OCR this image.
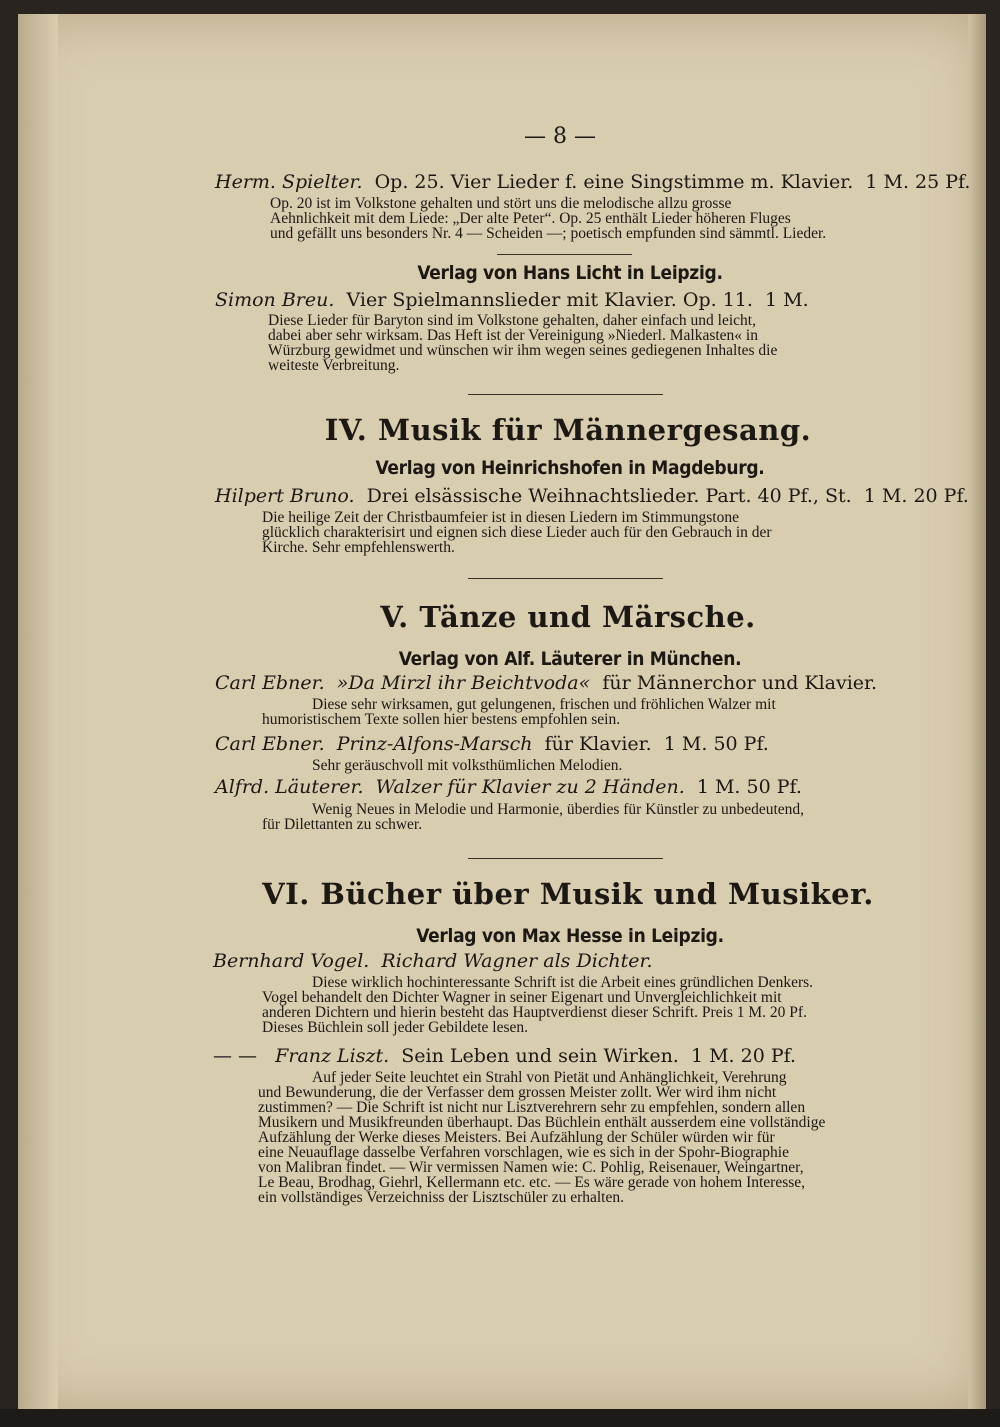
— 8 —
Herm. Spielter. Op. 25. Vier Lieder f. eine Singstimme m. Klavier. 1 M. 25 Pf.
Op. 20 ist im Volkstone gehalten und stört uns die melodische allzu grosse
Aehnlichkeit mit dem Liede: „Der alte Peter“. Op. 25 enthält Lieder höheren Fluges
und gefällt uns besonders Nr. 4 — Scheiden —; poetisch empfunden sind sämmtl. Lieder.
Verlag von Hans Licht in Leipzig.
Simon Breu. Vier Spielmannslieder mit Klavier. Op. 11. 1 M.
Diese Lieder für Baryton sind im Volkstone gehalten, daher einfach und leicht,
dabei aber sehr wirksam. Das Heft ist der Vereinigung »Niederl. Malkasten« in
Würzburg gewidmet und wünschen wir ihm wegen seines gediegenen Inhaltes die
weiteste Verbreitung.
IV. Musik für Männergesang.
Verlag von Heinrichshofen in Magdeburg.
Hilpert Bruno. Drei elsässische Weihnachtslieder. Part. 40 Pf., St. 1 M. 20 Pf.
Die heilige Zeit der Christbaumfeier ist in diesen Liedern im Stimmungstone
glücklich charakterisirt und eignen sich diese Lieder auch für den Gebrauch in der
Kirche. Sehr empfehlenswerth.
V. Tänze und Märsche.
Verlag von Alf. Läuterer in München.
Carl Ebner. »Da Mirzl ihr Beichtvoda« für Männerchor und Klavier.
Diese sehr wirksamen, gut gelungenen, frischen und fröhlichen Walzer mit
humoristischem Texte sollen hier bestens empfohlen sein.
Carl Ebner. Prinz-Alfons-Marsch für Klavier. 1 M. 50 Pf.
Sehr geräuschvoll mit volksthümlichen Melodien.
Alfrd. Läuterer. Walzer für Klavier zu 2 Händen. 1 M. 50 Pf.
Wenig Neues in Melodie und Harmonie, überdies für Künstler zu unbedeutend,
für Dilettanten zu schwer.
VI. Bücher über Musik und Musiker.
Verlag von Max Hesse in Leipzig.
Bernhard Vogel. Richard Wagner als Dichter.
Diese wirklich hochinteressante Schrift ist die Arbeit eines gründlichen Denkers.
Vogel behandelt den Dichter Wagner in seiner Eigenart und Unvergleichlichkeit mit
anderen Dichtern und hierin besteht das Hauptverdienst dieser Schrift. Preis 1 M. 20 Pf.
Dieses Büchlein soll jeder Gebildete lesen.
— — Franz Liszt. Sein Leben und sein Wirken. 1 M. 20 Pf.
Auf jeder Seite leuchtet ein Strahl von Pietät und Anhänglichkeit, Verehrung
und Bewunderung, die der Verfasser dem grossen Meister zollt. Wer wird ihm nicht
zustimmen? — Die Schrift ist nicht nur Lisztverehrern sehr zu empfehlen, sondern allen
Musikern und Musikfreunden überhaupt. Das Büchlein enthält ausserdem eine vollständige
Aufzählung der Werke dieses Meisters. Bei Aufzählung der Schüler würden wir für
eine Neuauflage dasselbe Verfahren vorschlagen, wie es sich in der Spohr-Biographie
von Malibran findet. — Wir vermissen Namen wie: C. Pohlig, Reisenauer, Weingartner,
Le Beau, Brodhag, Giehrl, Kellermann etc. etc. — Es wäre gerade von hohem Interesse,
ein vollständiges Verzeichniss der Lisztschüler zu erhalten.
